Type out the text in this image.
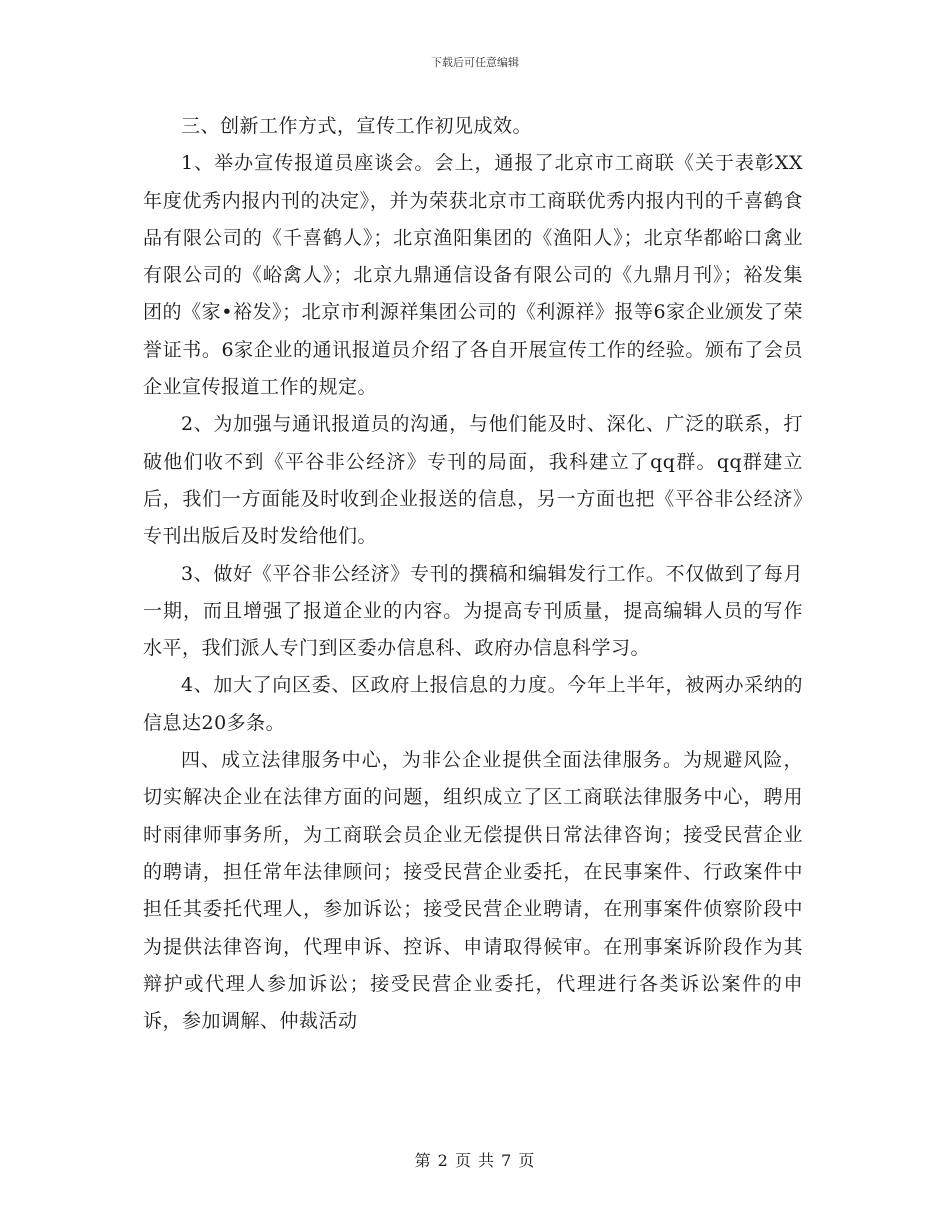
下载后可任意编辑

三、创新工作方式，宣传工作初见成效。

1、举办宣传报道员座谈会。会上，通报了北京市工商联《关于表彰XX年度优秀内报内刊的决定》，并为荣获北京市工商联优秀内报内刊的千喜鹤食品有限公司的《千喜鹤人》；北京渔阳集团的《渔阳人》；北京华都峪口禽业有限公司的《峪禽人》；北京九鼎通信设备有限公司的《九鼎月刊》；裕发集团的《家•裕发》；北京市利源祥集团公司的《利源祥》报等6家企业颁发了荣誉证书。6家企业的通讯报道员介绍了各自开展宣传工作的经验。颁布了会员企业宣传报道工作的规定。

2、为加强与通讯报道员的沟通，与他们能及时、深化、广泛的联系，打破他们收不到《平谷非公经济》专刊的局面，我科建立了qq群。qq群建立后，我们一方面能及时收到企业报送的信息，另一方面也把《平谷非公经济》专刊出版后及时发给他们。

3、做好《平谷非公经济》专刊的撰稿和编辑发行工作。不仅做到了每月一期，而且增强了报道企业的内容。为提高专刊质量，提高编辑人员的写作水平，我们派人专门到区委办信息科、政府办信息科学习。

4、加大了向区委、区政府上报信息的力度。今年上半年，被两办采纳的信息达20多条。

四、成立法律服务中心，为非公企业提供全面法律服务。为规避风险，切实解决企业在法律方面的问题，组织成立了区工商联法律服务中心，聘用时雨律师事务所，为工商联会员企业无偿提供日常法律咨询；接受民营企业的聘请，担任常年法律顾问；接受民营企业委托，在民事案件、行政案件中担任其委托代理人，参加诉讼；接受民营企业聘请，在刑事案件侦察阶段中为提供法律咨询，代理申诉、控诉、申请取得候审。在刑事案诉阶段作为其辩护或代理人参加诉讼；接受民营企业委托，代理进行各类诉讼案件的申诉，参加调解、仲裁活动

第 2 页 共 7 页
